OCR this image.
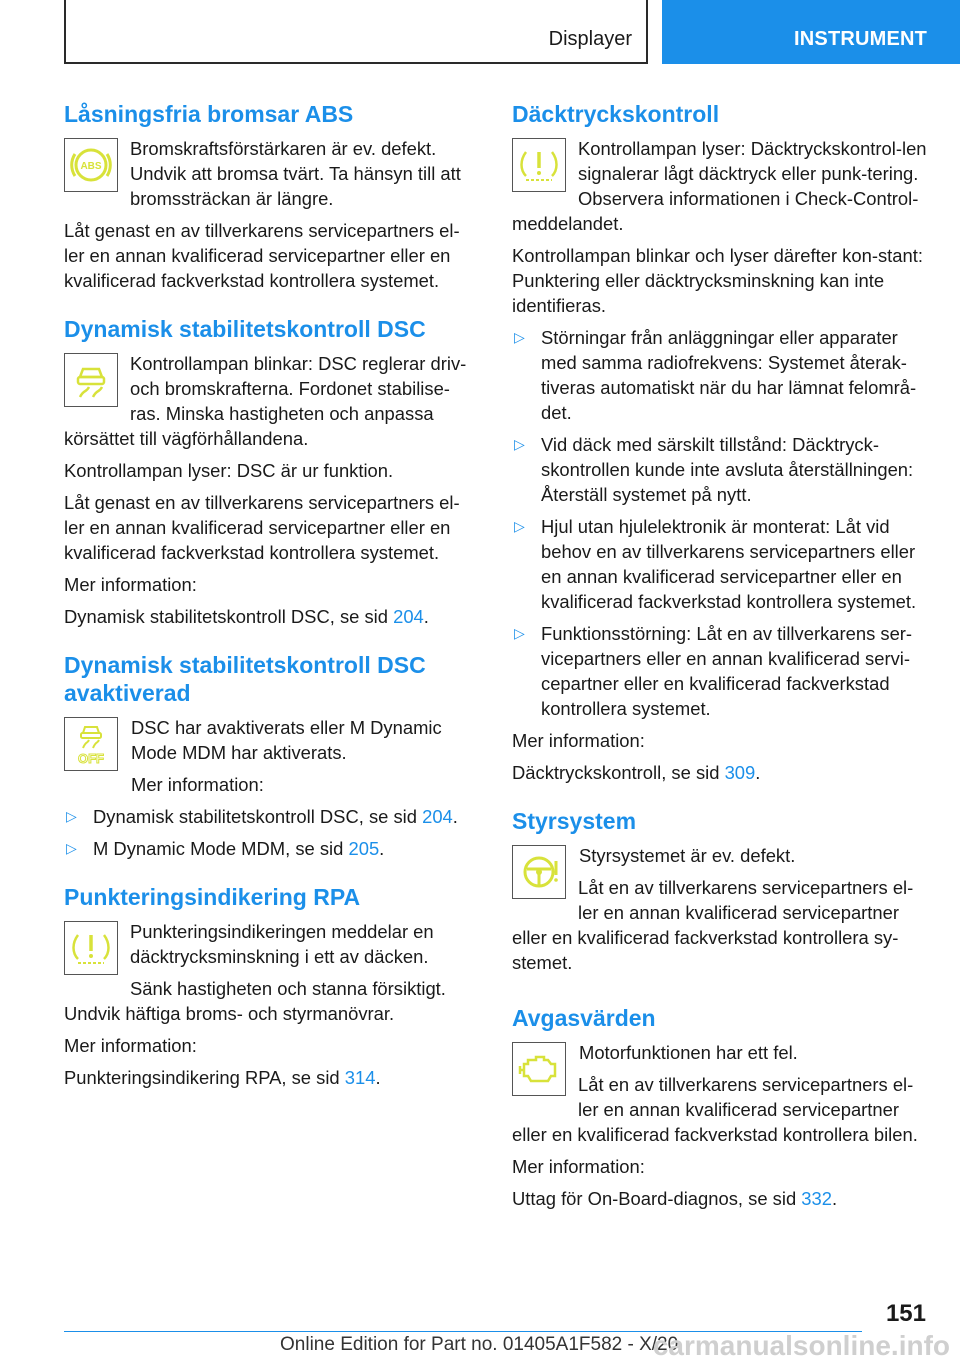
Displayer	INSTRUMENT
Låsningsfria bromsar ABS
ABS

Bromskraftsförstärkaren är ev. defekt. Undvik att bromsa tvärt. Ta hänsyn till att bromssträckan är längre.

Låt genast en av tillverkarens servicepartners el-ler en annan kvalificerad servicepartner eller en kvalificerad fackverkstad kontrollera systemet.

Dynamisk stabilitetskontroll DSC

Kontrollampan blinkar: DSC reglerar driv- och bromskrafterna. Fordonet stabilise-ras. Minska hastigheten och anpassa körsättet till vägförhållandena.

Kontrollampan lyser: DSC är ur funktion.

Låt genast en av tillverkarens servicepartners el-ler en annan kvalificerad servicepartner eller en kvalificerad fackverkstad kontrollera systemet.

Mer information:

Dynamisk stabilitetskontroll DSC, se sid 204.

Dynamisk stabilitetskontroll DSC avaktiverad
OFF

DSC har avaktiverats eller M Dynamic Mode MDM har aktiverats.

Mer information:

▷ Dynamisk stabilitetskontroll DSC, se sid 204.
▷ M Dynamic Mode MDM, se sid 205.
Punkteringsindikering RPA

Punkteringsindikeringen meddelar en däcktrycksminskning i ett av däcken.

Sänk hastigheten och stanna försiktigt. Undvik häftiga broms- och styrmanövrar.

Mer information:

Punkteringsindikering RPA, se sid 314.

Däcktryckskontroll

Kontrollampan lyser: Däcktryckskontrol-len signalerar lågt däcktryck eller punk-tering. Observera informationen i Check-Control-meddelandet.

Kontrollampan blinkar och lyser därefter kon-stant: Punktering eller däcktrycksminskning kan inte identifieras.

▷ Störningar från anläggningar eller apparater med samma radiofrekvens: Systemet återak-tiveras automatiskt när du har lämnat felområ-det.
▷ Vid däck med särskilt tillstånd: Däcktryck-skontrollen kunde inte avsluta återställningen: Återställ systemet på nytt.
▷ Hjul utan hjulelektronik är monterat: Låt vid behov en av tillverkarens servicepartners eller en annan kvalificerad servicepartner eller en kvalificerad fackverkstad kontrollera systemet.
▷ Funktionsstörning: Låt en av tillverkarens ser-vicepartners eller en annan kvalificerad servi-cepartner eller en kvalificerad fackverkstad kontrollera systemet.

Mer information:

Däcktryckskontroll, se sid 309.

Styrsystem

Styrsystemet är ev. defekt.

Låt en av tillverkarens servicepartners el-ler en annan kvalificerad servicepartner eller en kvalificerad fackverkstad kontrollera sy-stemet.

Avgasvärden

Motorfunktionen har ett fel.

Låt en av tillverkarens servicepartners el-ler en annan kvalificerad servicepartner eller en kvalificerad fackverkstad kontrollera bilen.

Mer information:

Uttag för On-Board-diagnos, se sid 332.

151
Online Edition for Part no. 01405A1F582 - X/20
carmanualsonline.info
